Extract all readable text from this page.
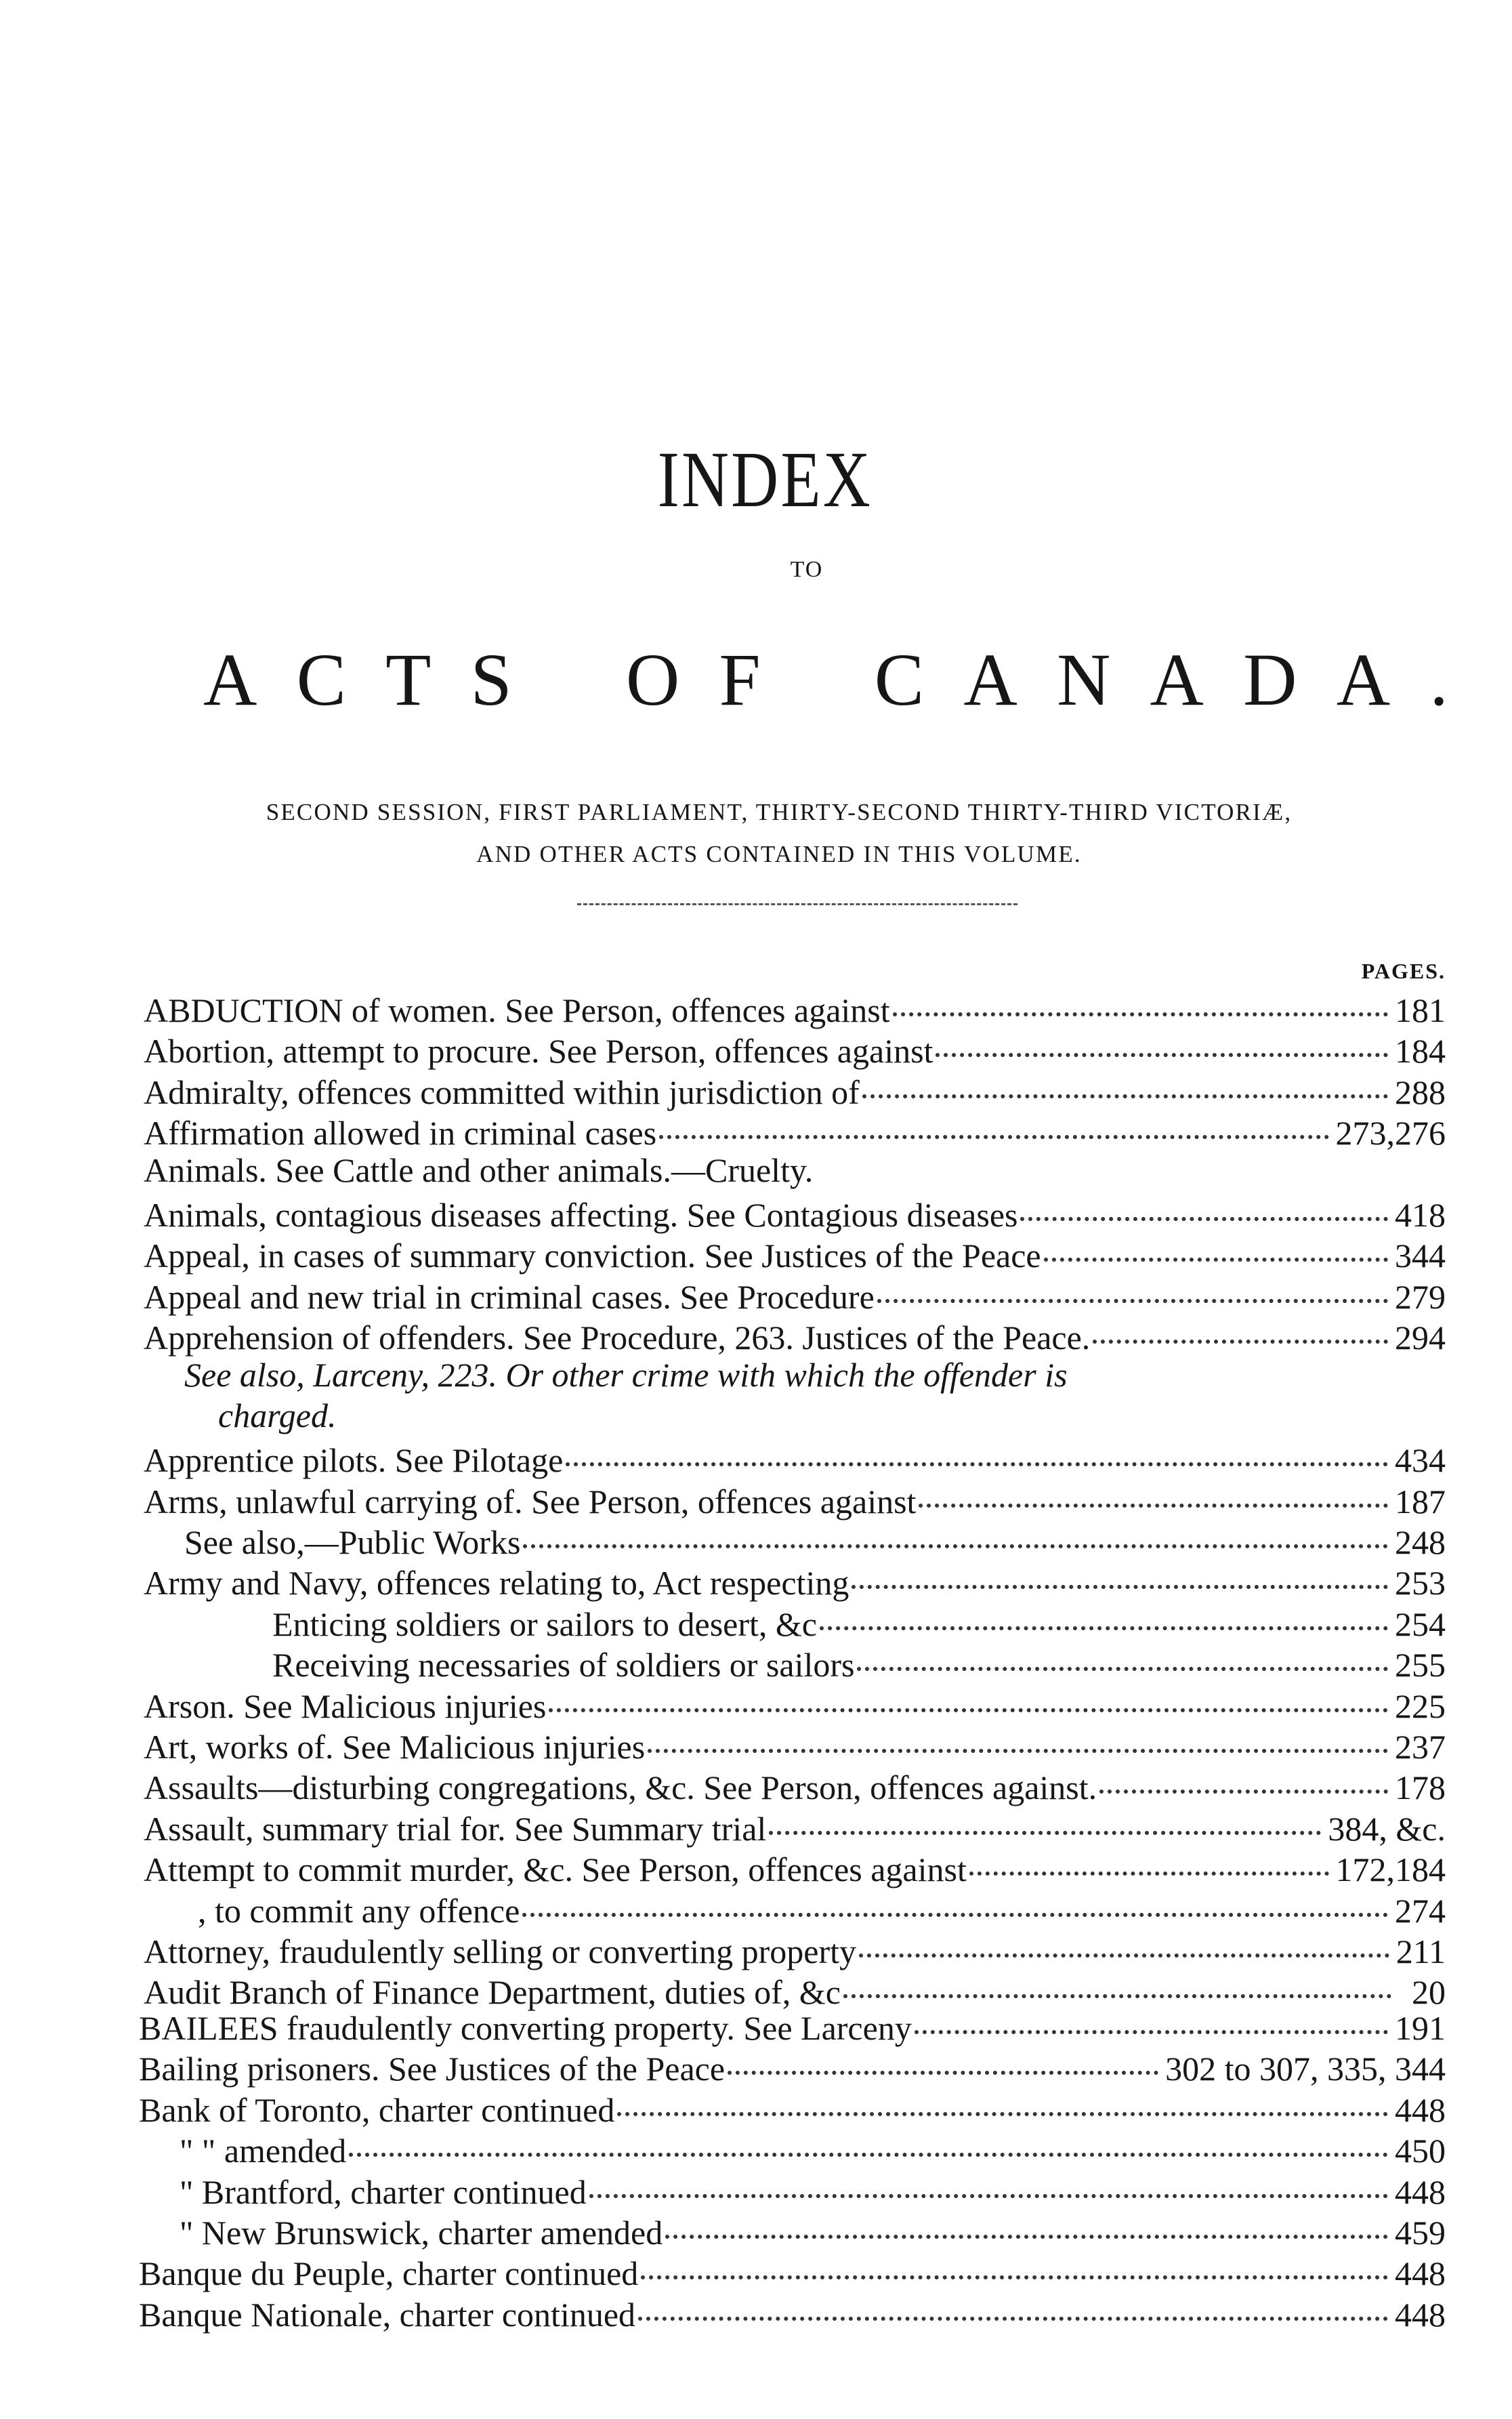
INDEX
TO
A C T S O F C A N A D A .
SECOND SESSION, FIRST PARLIAMENT, THIRTY-SECOND THIRTY-THIRD VICTORIÆ,
AND OTHER ACTS CONTAINED IN THIS VOLUME.
PAGES.
ABDUCTION of women. See Person, offences against	181
Abortion, attempt to procure. See Person, offences against	184
Admiralty, offences committed within jurisdiction of	288
Affirmation allowed in criminal cases	273,276
Animals. See Cattle and other animals.—Cruelty.
Animals, contagious diseases affecting. See Contagious diseases	418
Appeal, in cases of summary conviction. See Justices of the Peace	344
Appeal and new trial in criminal cases. See Procedure	279
Apprehension of offenders. See Procedure, 263. Justices of the Peace.	294
See also, Larceny, 223. Or other crime with which the offender is
charged.
Apprentice pilots. See Pilotage	434
Arms, unlawful carrying of. See Person, offences against	187
See also,—Public Works	248
Army and Navy, offences relating to, Act respecting	253
Enticing soldiers or sailors to desert, &c	254
Receiving necessaries of soldiers or sailors	255
Arson. See Malicious injuries	225
Art, works of. See Malicious injuries	237
Assaults—disturbing congregations, &c. See Person, offences against.	178
Assault, summary trial for. See Summary trial	384, &c.
Attempt to commit murder, &c. See Person, offences against	172,184
, to commit any offence	274
Attorney, fraudulently selling or converting property	211
Audit Branch of Finance Department, duties of, &c	20
BAILEES fraudulently converting property. See Larceny	191
Bailing prisoners. See Justices of the Peace	302 to 307, 335, 344
Bank of Toronto, charter continued	448
" " amended	450
" Brantford, charter continued	448
" New Brunswick, charter amended	459
Banque du Peuple, charter continued	448
Banque Nationale, charter continued	448
